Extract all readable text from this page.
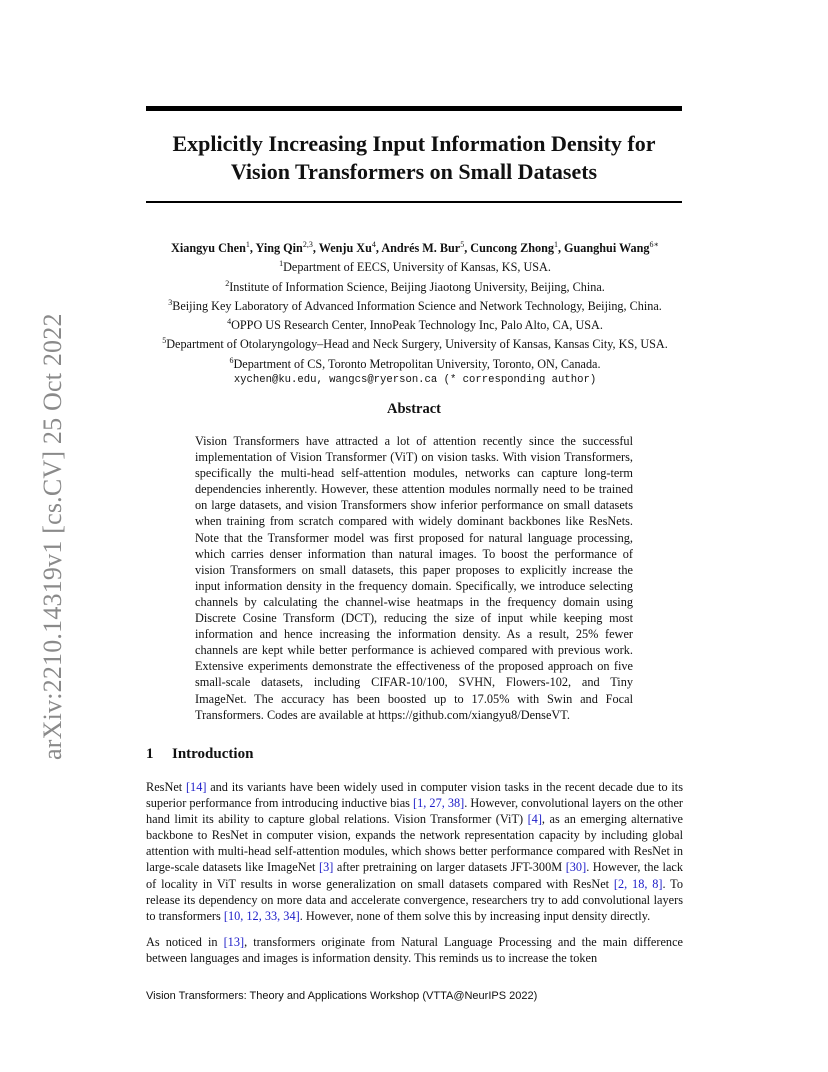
arXiv:2210.14319v1 [cs.CV] 25 Oct 2022
Explicitly Increasing Input Information Density for
Vision Transformers on Small Datasets
Xiangyu Chen$^1$, Ying Qin$^{2,3}$, Wenju Xu$^4$, Andrés M. Bur$^5$, Cuncong Zhong$^1$, Guanghui Wang$^{6∗}$
$^1$Department of EECS, University of Kansas, KS, USA.
$^2$Institute of Information Science, Beijing Jiaotong University, Beijing, China.
$^3$Beijing Key Laboratory of Advanced Information Science and Network Technology, Beijing, China.
$^4$OPPO US Research Center, InnoPeak Technology Inc, Palo Alto, CA, USA.
$^5$Department of Otolaryngology–Head and Neck Surgery, University of Kansas, Kansas City, KS, USA.
$^6$Department of CS, Toronto Metropolitan University, Toronto, ON, Canada.
xychen@ku.edu, wangcs@ryerson.ca (* corresponding author)
Abstract
Vision Transformers have attracted a lot of attention recently since the successful implementation of Vision Transformer (ViT) on vision tasks. With vision Transformers, specifically the multi-head self-attention modules, networks can capture long-term dependencies inherently. However, these attention modules normally need to be trained on large datasets, and vision Transformers show inferior performance on small datasets when training from scratch compared with widely dominant backbones like ResNets. Note that the Transformer model was first proposed for natural language processing, which carries denser information than natural images. To boost the performance of vision Transformers on small datasets, this paper proposes to explicitly increase the input information density in the frequency domain. Specifically, we introduce selecting channels by calculating the channel-wise heatmaps in the frequency domain using Discrete Cosine Transform (DCT), reducing the size of input while keeping most information and hence increasing the information density. As a result, 25% fewer channels are kept while better performance is achieved compared with previous work. Extensive experiments demonstrate the effectiveness of the proposed approach on five small-scale datasets, including CIFAR-10/100, SVHN, Flowers-102, and Tiny ImageNet. The accuracy has been boosted up to 17.05% with Swin and Focal Transformers. Codes are available at https://github.com/xiangyu8/DenseVT.
1 Introduction
ResNet [14] and its variants have been widely used in computer vision tasks in the recent decade due to its superior performance from introducing inductive bias [1, 27, 38]. However, convolutional layers on the other hand limit its ability to capture global relations. Vision Transformer (ViT) [4], as an emerging alternative backbone to ResNet in computer vision, expands the network representation capacity by including global attention with multi-head self-attention modules, which shows better performance compared with ResNet in large-scale datasets like ImageNet [3] after pretraining on larger datasets JFT-300M [30]. However, the lack of locality in ViT results in worse generalization on small datasets compared with ResNet [2, 18, 8]. To release its dependency on more data and accelerate convergence, researchers try to add convolutional layers to transformers [10, 12, 33, 34]. However, none of them solve this by increasing input density directly.
As noticed in [13], transformers originate from Natural Language Processing and the main difference between languages and images is information density. This reminds us to increase the token
Vision Transformers: Theory and Applications Workshop (VTTA@NeurIPS 2022)
